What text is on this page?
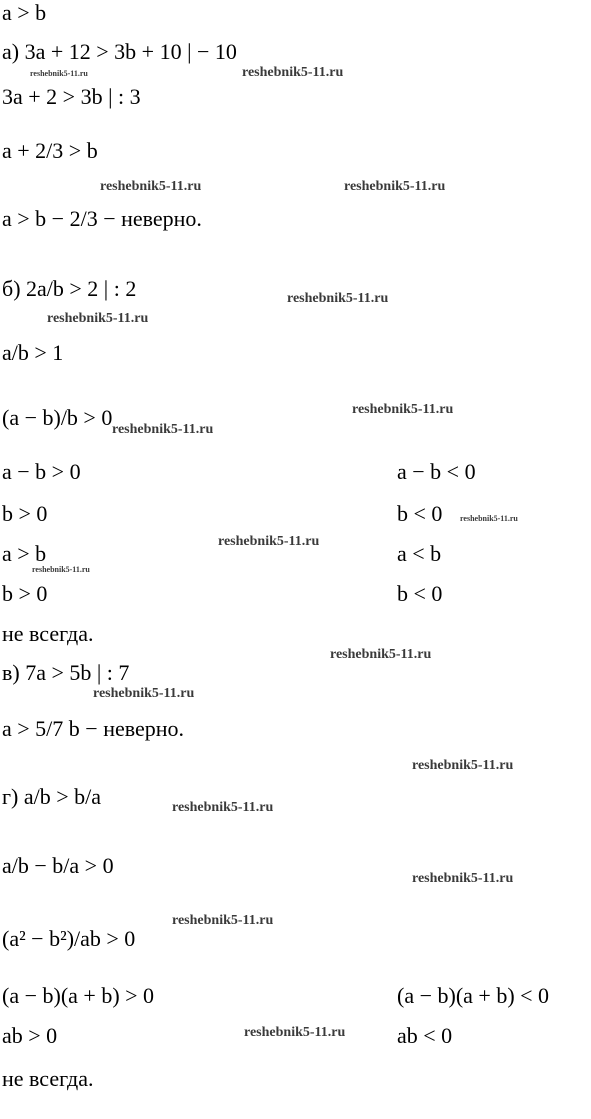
a > b
а) 3a + 12 > 3b + 10 | − 10
3a + 2 > 3b | : 3
a + 2/3 > b
a > b − 2/3 − неверно.
б) 2a/b > 2 | : 2
a/b > 1
(a − b)/b > 0
a − b > 0	a − b < 0
b > 0	b < 0
a > b	a < b
b > 0	b < 0
не всегда.
в) 7a > 5b | : 7
a > 5/7 b − неверно.
г) a/b > b/a
a/b − b/a > 0
(a² − b²)/ab > 0
(a − b)(a + b) > 0	(a − b)(a + b) < 0
ab > 0	ab < 0
не всегда.
reshebnik5-11.ru	reshebnik5-11.ru
reshebnik5-11.ru	reshebnik5-11.ru
reshebnik5-11.ru
reshebnik5-11.ru
reshebnik5-11.ru
reshebnik5-11.ru
reshebnik5-11.ru
reshebnik5-11.ru
reshebnik5-11.ru
reshebnik5-11.ru
reshebnik5-11.ru
reshebnik5-11.ru
reshebnik5-11.ru
reshebnik5-11.ru
reshebnik5-11.ru
reshebnik5-11.ru
